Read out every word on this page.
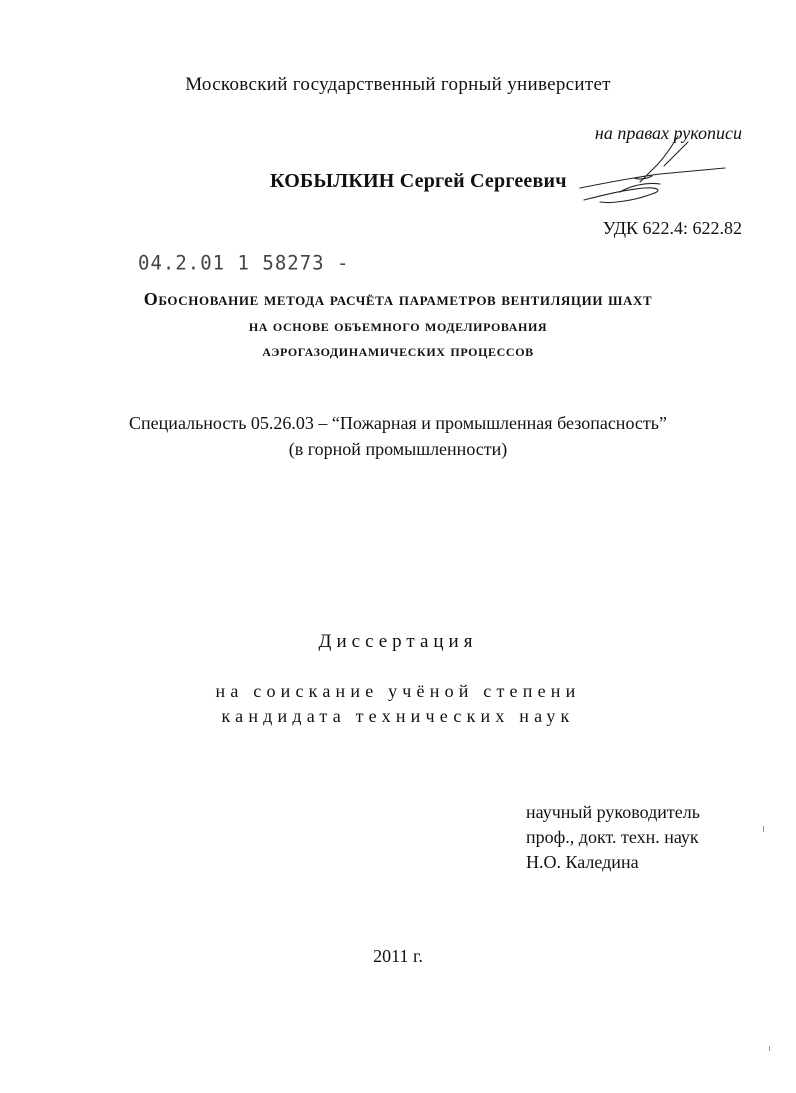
Московский государственный горный университет
на правах рукописи
КОБЫЛКИН Сергей Сергеевич
УДК 622.4: 622.82
04.2.01 1 58273 -
Обоснование метода расчёта параметров вентиляции шахт
на основе объемного моделирования
аэрогазодинамических процессов
Специальность 05.26.03 – “Пожарная и промышленная безопасность”
(в горной промышленности)
Диссертация
на соискание учёной степени
кандидата технических наук
научный руководитель
проф., докт. техн. наук
Н.О. Каледина
2011 г.
